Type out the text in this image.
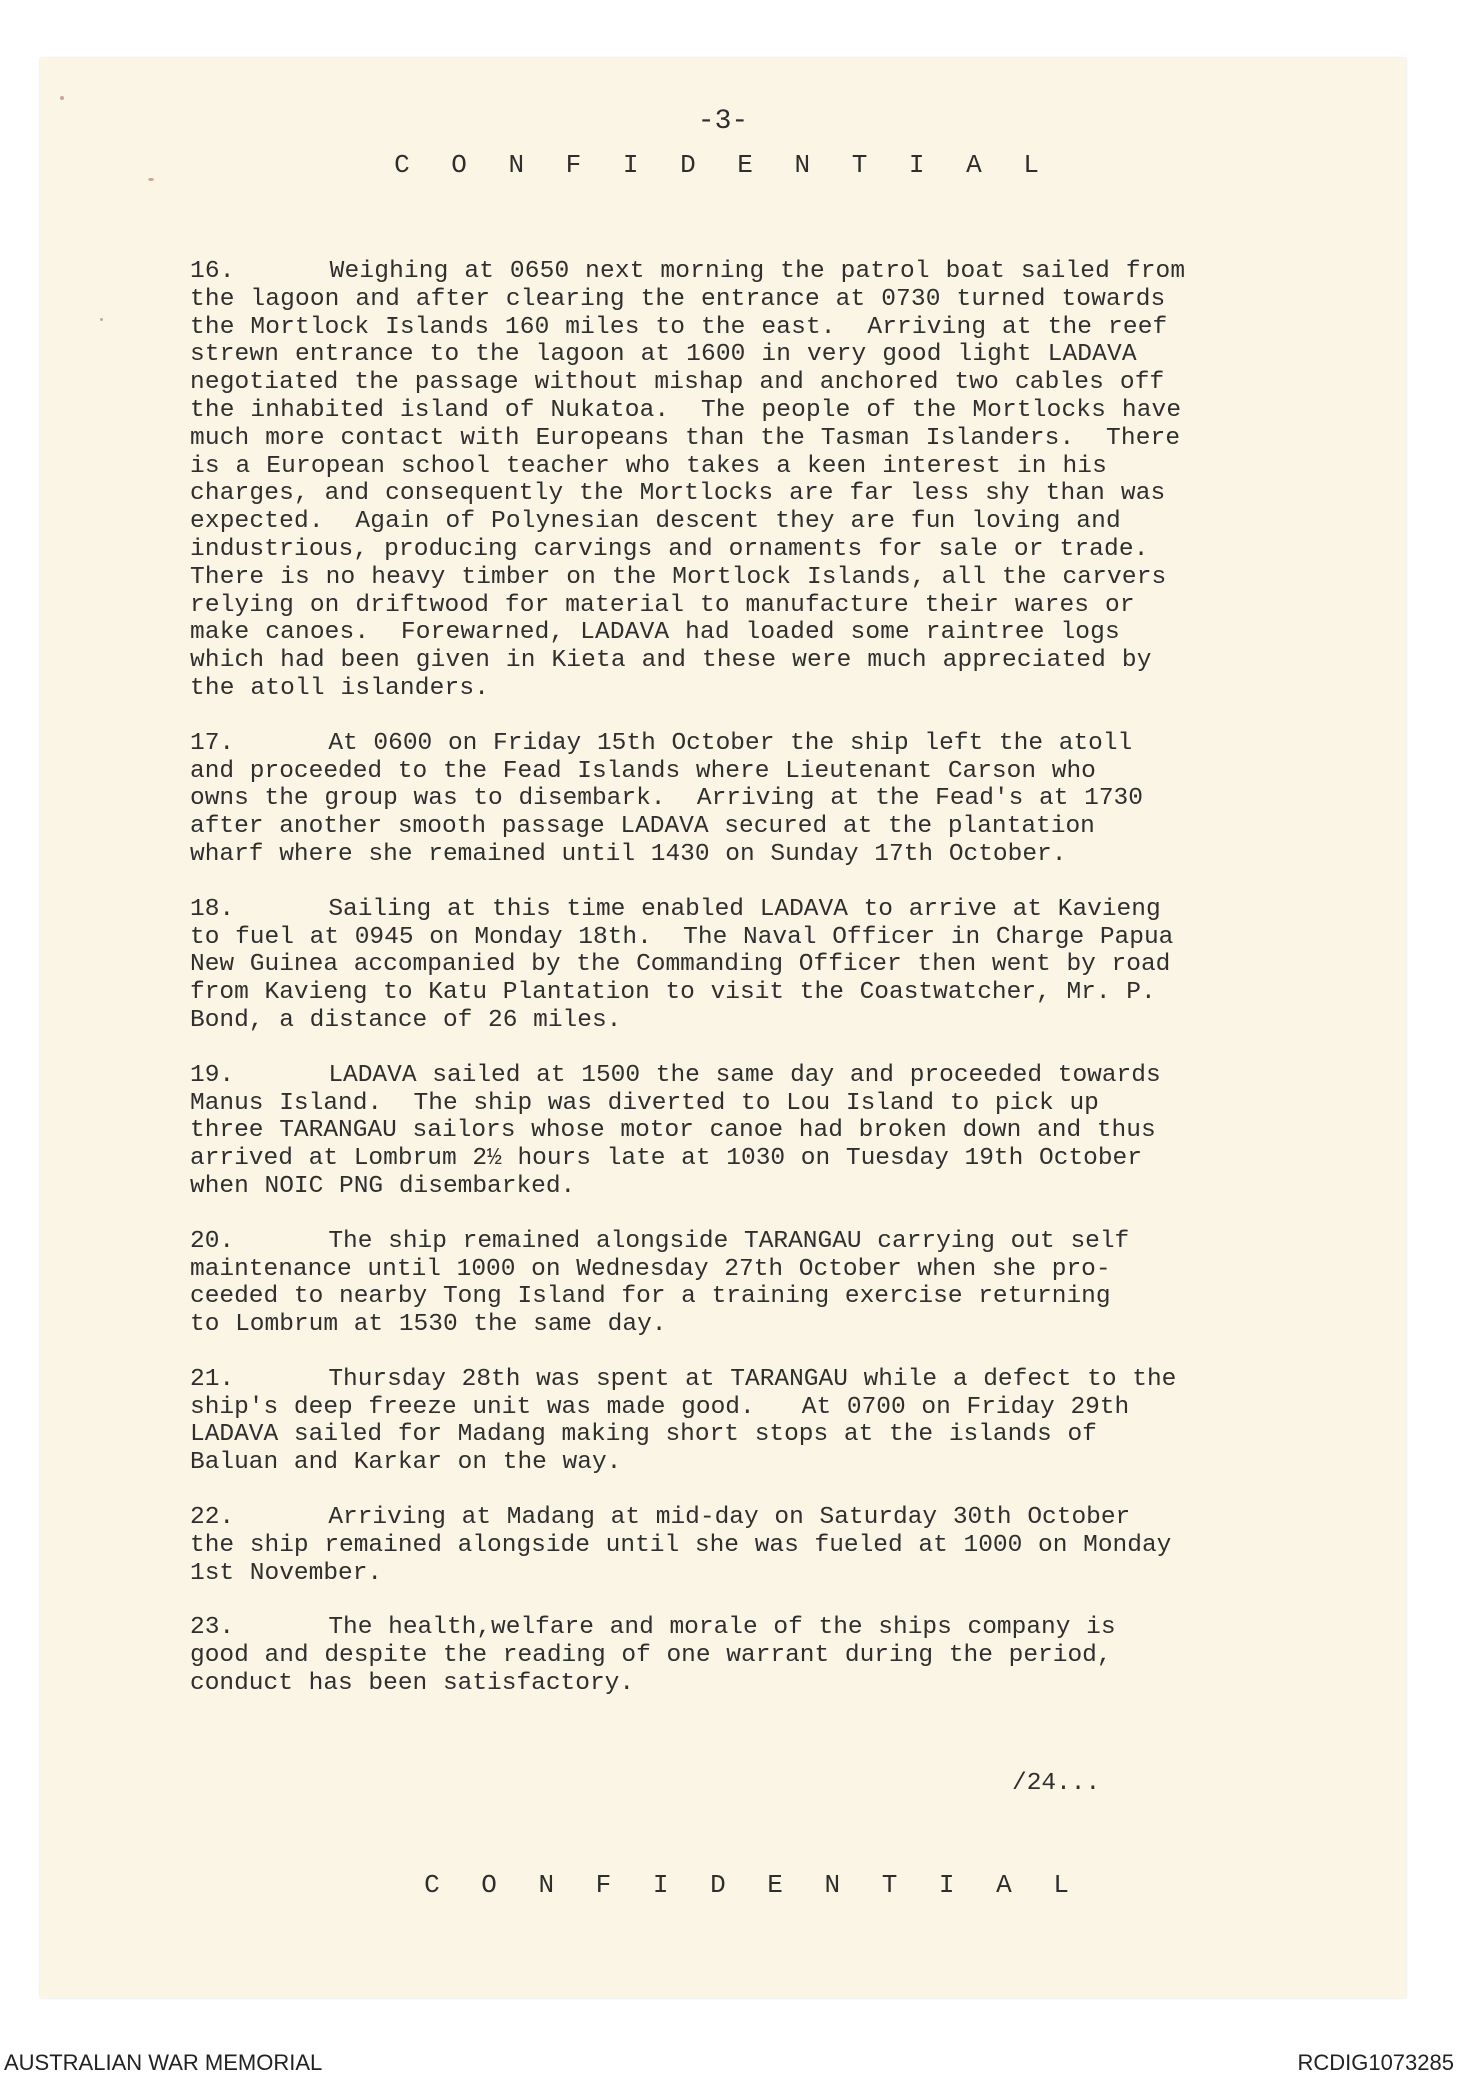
-3-
C O N F I D E N T I A L

16.      Weighing at 0650 next morning the patrol boat sailed from
the lagoon and after clearing the entrance at 0730 turned towards
the Mortlock Islands 160 miles to the east.  Arriving at the reef
strewn entrance to the lagoon at 1600 in very good light LADAVA
negotiated the passage without mishap and anchored two cables off
the inhabited island of Nukatoa.  The people of the Mortlocks have
much more contact with Europeans than the Tasman Islanders.  There
is a European school teacher who takes a keen interest in his
charges, and consequently the Mortlocks are far less shy than was
expected.  Again of Polynesian descent they are fun loving and
industrious, producing carvings and ornaments for sale or trade.
There is no heavy timber on the Mortlock Islands, all the carvers
relying on driftwood for material to manufacture their wares or
make canoes.  Forewarned, LADAVA had loaded some raintree logs
which had been given in Kieta and these were much appreciated by
the atoll islanders.

17.      At 0600 on Friday 15th October the ship left the atoll
and proceeded to the Fead Islands where Lieutenant Carson who
owns the group was to disembark.  Arriving at the Fead's at 1730
after another smooth passage LADAVA secured at the plantation
wharf where she remained until 1430 on Sunday 17th October.

18.      Sailing at this time enabled LADAVA to arrive at Kavieng
to fuel at 0945 on Monday 18th.  The Naval Officer in Charge Papua
New Guinea accompanied by the Commanding Officer then went by road
from Kavieng to Katu Plantation to visit the Coastwatcher, Mr. P.
Bond, a distance of 26 miles.

19.      LADAVA sailed at 1500 the same day and proceeded towards
Manus Island.  The ship was diverted to Lou Island to pick up
three TARANGAU sailors whose motor canoe had broken down and thus
arrived at Lombrum 2½ hours late at 1030 on Tuesday 19th October
when NOIC PNG disembarked.

20.      The ship remained alongside TARANGAU carrying out self
maintenance until 1000 on Wednesday 27th October when she pro-
ceeded to nearby Tong Island for a training exercise returning
to Lombrum at 1530 the same day.

21.      Thursday 28th was spent at TARANGAU while a defect to the
ship's deep freeze unit was made good.   At 0700 on Friday 29th
LADAVA sailed for Madang making short stops at the islands of
Baluan and Karkar on the way.

22.      Arriving at Madang at mid-day on Saturday 30th October
the ship remained alongside until she was fueled at 1000 on Monday
1st November.

23.      The health,welfare and morale of the ships company is
good and despite the reading of one warrant during the period,
conduct has been satisfactory.

/24...
C O N F I D E N T I A L
AUSTRALIAN WAR MEMORIAL	RCDIG1073285
